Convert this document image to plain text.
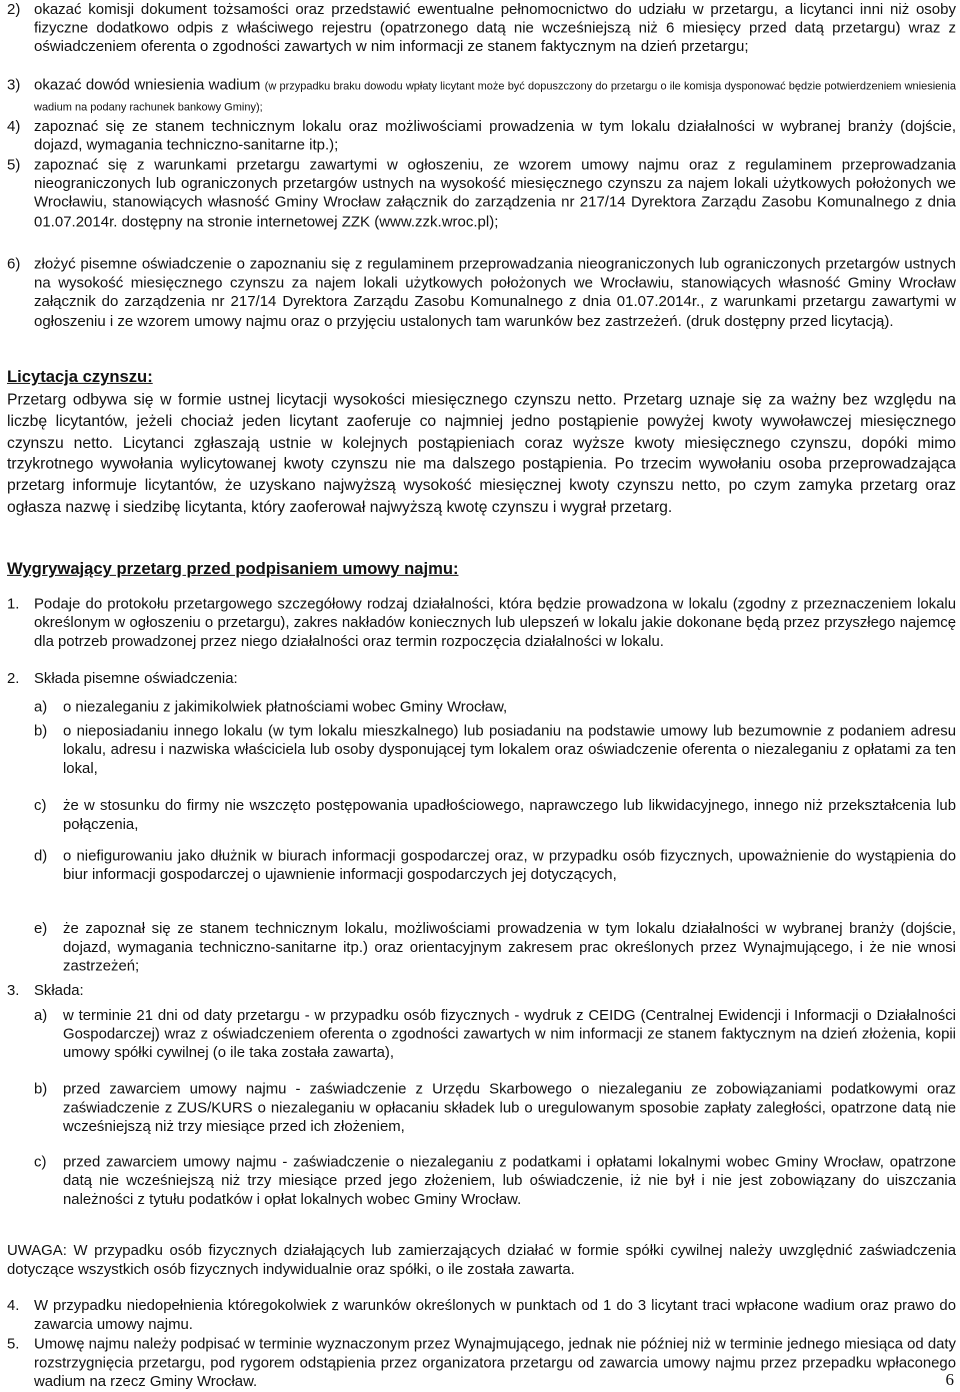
2) okazać komisji dokument tożsamości oraz przedstawić ewentualne pełnomocnictwo do udziału w przetargu, a licytanci inni niż osoby fizyczne dodatkowo odpis z właściwego rejestru (opatrzonego datą nie wcześniejszą niż 6 miesięcy przed datą przetargu) wraz z oświadczeniem oferenta o zgodności zawartych w nim informacji ze stanem faktycznym na dzień przetargu;
3) okazać dowód wniesienia wadium (w przypadku braku dowodu wpłaty licytant może być dopuszczony do przetargu o ile komisja dysponować będzie potwierdzeniem wniesienia wadium na podany rachunek bankowy Gminy);
4) zapoznać się ze stanem technicznym lokalu oraz możliwościami prowadzenia w tym lokalu działalności w wybranej branży (dojście, dojazd, wymagania techniczno-sanitarne itp.);
5) zapoznać się z warunkami przetargu zawartymi w ogłoszeniu, ze wzorem umowy najmu oraz z regulaminem przeprowadzania nieograniczonych lub ograniczonych przetargów ustnych na wysokość miesięcznego czynszu za najem lokali użytkowych położonych we Wrocławiu, stanowiących własność Gminy Wrocław załącznik do zarządzenia nr 217/14 Dyrektora Zarządu Zasobu Komunalnego z dnia 01.07.2014r. dostępny na stronie internetowej ZZK (www.zzk.wroc.pl);
6) złożyć pisemne oświadczenie o zapoznaniu się z regulaminem przeprowadzania nieograniczonych lub ograniczonych przetargów ustnych na wysokość miesięcznego czynszu za najem lokali użytkowych położonych we Wrocławiu, stanowiących własność Gminy Wrocław załącznik do zarządzenia nr 217/14 Dyrektora Zarządu Zasobu Komunalnego z dnia 01.07.2014r., z warunkami przetargu zawartymi w ogłoszeniu i ze wzorem umowy najmu oraz o przyjęciu ustalonych tam warunków bez zastrzeżeń. (druk dostępny przed licytacją).
Licytacja czynszu:
Przetarg odbywa się w formie ustnej licytacji wysokości miesięcznego czynszu netto. Przetarg uznaje się za ważny bez względu na liczbę licytantów, jeżeli chociaż jeden licytant zaoferuje co najmniej jedno postąpienie powyżej kwoty wywoławczej miesięcznego czynszu netto. Licytanci zgłaszają ustnie w kolejnych postąpieniach coraz wyższe kwoty miesięcznego czynszu, dopóki mimo trzykrotnego wywołania wylicytowanej kwoty czynszu nie ma dalszego postąpienia. Po trzecim wywołaniu osoba przeprowadzająca przetarg informuje licytantów, że uzyskano najwyższą wysokość miesięcznej kwoty czynszu netto, po czym zamyka przetarg oraz ogłasza nazwę i siedzibę licytanta, który zaoferował najwyższą kwotę czynszu i wygrał przetarg.
Wygrywający przetarg przed podpisaniem umowy najmu:
1. Podaje do protokołu przetargowego szczegółowy rodzaj działalności, która będzie prowadzona w lokalu (zgodny z przeznaczeniem lokalu określonym w ogłoszeniu o przetargu), zakres nakładów koniecznych lub ulepszeń w lokalu jakie dokonane będą przez przyszłego najemcę dla potrzeb prowadzonej przez niego działalności oraz termin rozpoczęcia działalności w lokalu.
2. Składa pisemne oświadczenia:
a) o niezaleganiu z jakimikolwiek płatnościami wobec Gminy Wrocław,
b) o nieposiadaniu innego lokalu (w tym lokalu mieszkalnego) lub posiadaniu na podstawie umowy lub bezumownie z podaniem adresu lokalu, adresu i nazwiska właściciela lub osoby dysponującej tym lokalem oraz oświadczenie oferenta o niezaleganiu z opłatami za ten lokal,
c) że w stosunku do firmy nie wszczęto postępowania upadłościowego, naprawczego lub likwidacyjnego, innego niż przekształcenia lub połączenia,
d) o niefigurowaniu jako dłużnik w biurach informacji gospodarczej oraz, w przypadku osób fizycznych, upoważnienie do wystąpienia do biur informacji gospodarczej o ujawnienie informacji gospodarczych jej dotyczących,
e) że zapoznał się ze stanem technicznym lokalu, możliwościami prowadzenia w tym lokalu działalności w wybranej branży (dojście, dojazd, wymagania techniczno-sanitarne itp.) oraz orientacyjnym zakresem prac określonych przez Wynajmującego, i że nie wnosi zastrzeżeń;
3. Składa:
a) w terminie 21 dni od daty przetargu - w przypadku osób fizycznych - wydruk z CEIDG (Centralnej Ewidencji i Informacji o Działalności Gospodarczej) wraz z oświadczeniem oferenta o zgodności zawartych w nim informacji ze stanem faktycznym na dzień złożenia, kopii umowy spółki cywilnej (o ile taka została zawarta),
b) przed zawarciem umowy najmu - zaświadczenie z Urzędu Skarbowego o niezaleganiu ze zobowiązaniami podatkowymi oraz zaświadczenie z ZUS/KURS o niezaleganiu w opłacaniu składek lub o uregulowanym sposobie zapłaty zaległości, opatrzone datą nie wcześniejszą niż trzy miesiące przed ich złożeniem,
c) przed zawarciem umowy najmu - zaświadczenie o niezaleganiu z podatkami i opłatami lokalnymi wobec Gminy Wrocław, opatrzone datą nie wcześniejszą niż trzy miesiące przed jego złożeniem, lub oświadczenie, iż nie był i nie jest zobowiązany do uiszczania należności z tytułu podatków i opłat lokalnych wobec Gminy Wrocław.
UWAGA: W przypadku osób fizycznych działających lub zamierzających działać w formie spółki cywilnej należy uwzględnić zaświadczenia dotyczące wszystkich osób fizycznych indywidualnie oraz spółki, o ile została zawarta.
4. W przypadku niedopełnienia któregokolwiek z warunków określonych w punktach od 1 do 3 licytant traci wpłacone wadium oraz prawo do zawarcia umowy najmu.
5. Umowę najmu należy podpisać w terminie wyznaczonym przez Wynajmującego, jednak nie później niż w terminie jednego miesiąca od daty rozstrzygnięcia przetargu, pod rygorem odstąpienia przez organizatora przetargu od zawarcia umowy najmu przez przepadku wpłaconego wadium na rzecz Gminy Wrocław.	6
